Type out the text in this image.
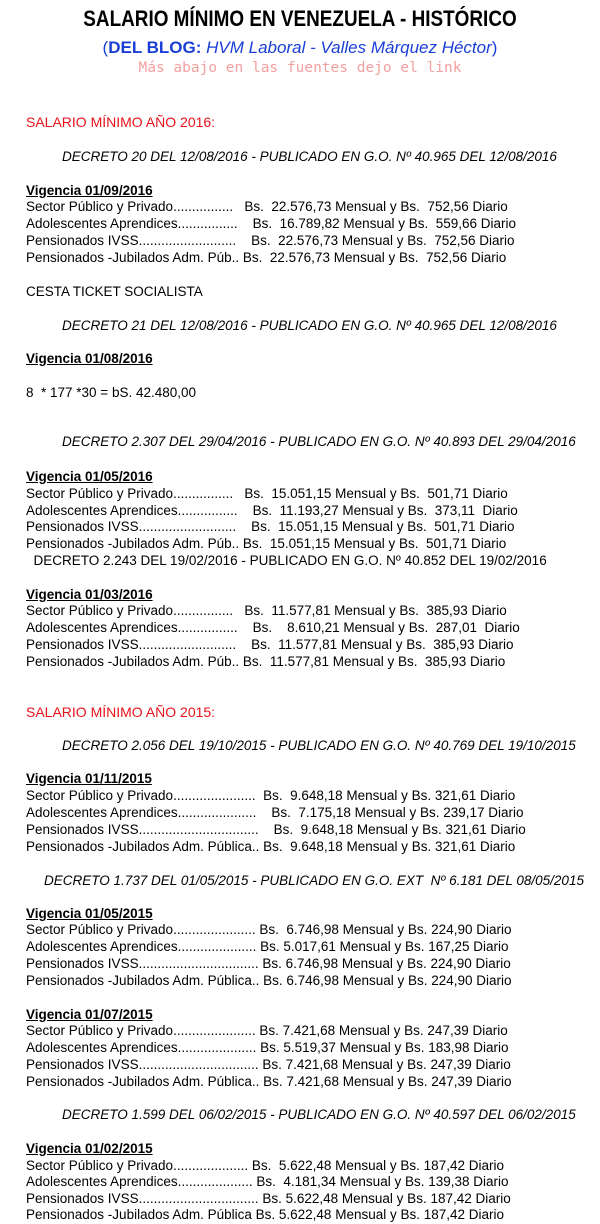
SALARIO MÍNIMO EN VENEZUELA - HISTÓRICO
(DEL BLOG: HVM Laboral - Valles Márquez Héctor)
Más abajo en las fuentes dejo el link
SALARIO MÍNIMO AÑO 2016:
DECRETO 20 DEL 12/08/2016 - PUBLICADO EN G.O. Nº 40.965 DEL 12/08/2016
Vigencia 01/09/2016
Sector Público y Privado................   Bs.  22.576,73 Mensual y Bs.  752,56 Diario
Adolescentes Aprendices................    Bs.  16.789,82 Mensual y Bs.  559,66 Diario
Pensionados IVSS..........................    Bs.  22.576,73 Mensual y Bs.  752,56 Diario
Pensionados -Jubilados Adm. Púb.. Bs.  22.576,73 Mensual y Bs.  752,56 Diario
CESTA TICKET SOCIALISTA
DECRETO 21 DEL 12/08/2016 - PUBLICADO EN G.O. Nº 40.965 DEL 12/08/2016
Vigencia 01/08/2016
8  * 177 *30 = bS. 42.480,00
DECRETO 2.307 DEL 29/04/2016 - PUBLICADO EN G.O. Nº 40.893 DEL 29/04/2016
Vigencia 01/05/2016
Sector Público y Privado................   Bs.  15.051,15 Mensual y Bs.  501,71 Diario
Adolescentes Aprendices................    Bs.  11.193,27 Mensual y Bs.  373,11  Diario
Pensionados IVSS..........................    Bs.  15.051,15 Mensual y Bs.  501,71 Diario
Pensionados -Jubilados Adm. Púb.. Bs.  15.051,15 Mensual y Bs.  501,71 Diario
DECRETO 2.243 DEL 19/02/2016 - PUBLICADO EN G.O. Nº 40.852 DEL 19/02/2016
Vigencia 01/03/2016
Sector Público y Privado................   Bs.  11.577,81 Mensual y Bs.  385,93 Diario
Adolescentes Aprendices................    Bs.    8.610,21 Mensual y Bs.  287,01  Diario
Pensionados IVSS..........................    Bs.  11.577,81 Mensual y Bs.  385,93 Diario
Pensionados -Jubilados Adm. Púb.. Bs.  11.577,81 Mensual y Bs.  385,93 Diario
SALARIO MÍNIMO AÑO 2015:
DECRETO 2.056 DEL 19/10/2015 - PUBLICADO EN G.O. Nº 40.769 DEL 19/10/2015
Vigencia 01/11/2015
Sector Público y Privado......................  Bs.  9.648,18 Mensual y Bs. 321,61 Diario
Adolescentes Aprendices.....................    Bs.  7.175,18 Mensual y Bs. 239,17 Diario
Pensionados IVSS................................    Bs.  9.648,18 Mensual y Bs. 321,61 Diario
Pensionados -Jubilados Adm. Pública.. Bs.  9.648,18 Mensual y Bs. 321,61 Diario
DECRETO 1.737 DEL 01/05/2015 - PUBLICADO EN G.O. EXT  Nº 6.181 DEL 08/05/2015
Vigencia 01/05/2015
Sector Público y Privado...................... Bs.  6.746,98 Mensual y Bs. 224,90 Diario
Adolescentes Aprendices..................... Bs. 5.017,61 Mensual y Bs. 167,25 Diario
Pensionados IVSS................................ Bs. 6.746,98 Mensual y Bs. 224,90 Diario
Pensionados -Jubilados Adm. Pública.. Bs. 6.746,98 Mensual y Bs. 224,90 Diario
Vigencia 01/07/2015
Sector Público y Privado...................... Bs. 7.421,68 Mensual y Bs. 247,39 Diario
Adolescentes Aprendices..................... Bs. 5.519,37 Mensual y Bs. 183,98 Diario
Pensionados IVSS................................ Bs. 7.421,68 Mensual y Bs. 247,39 Diario
Pensionados -Jubilados Adm. Pública.. Bs. 7.421,68 Mensual y Bs. 247,39 Diario
DECRETO 1.599 DEL 06/02/2015 - PUBLICADO EN G.O. Nº 40.597 DEL 06/02/2015
Vigencia 01/02/2015
Sector Público y Privado.................... Bs.  5.622,48 Mensual y Bs. 187,42 Diario
Adolescentes Aprendices.................... Bs.  4.181,34 Mensual y Bs. 139,38 Diario
Pensionados IVSS................................ Bs. 5.622,48 Mensual y Bs. 187,42 Diario
Pensionados -Jubilados Adm. Pública Bs. 5.622,48 Mensual y Bs. 187,42 Diario
